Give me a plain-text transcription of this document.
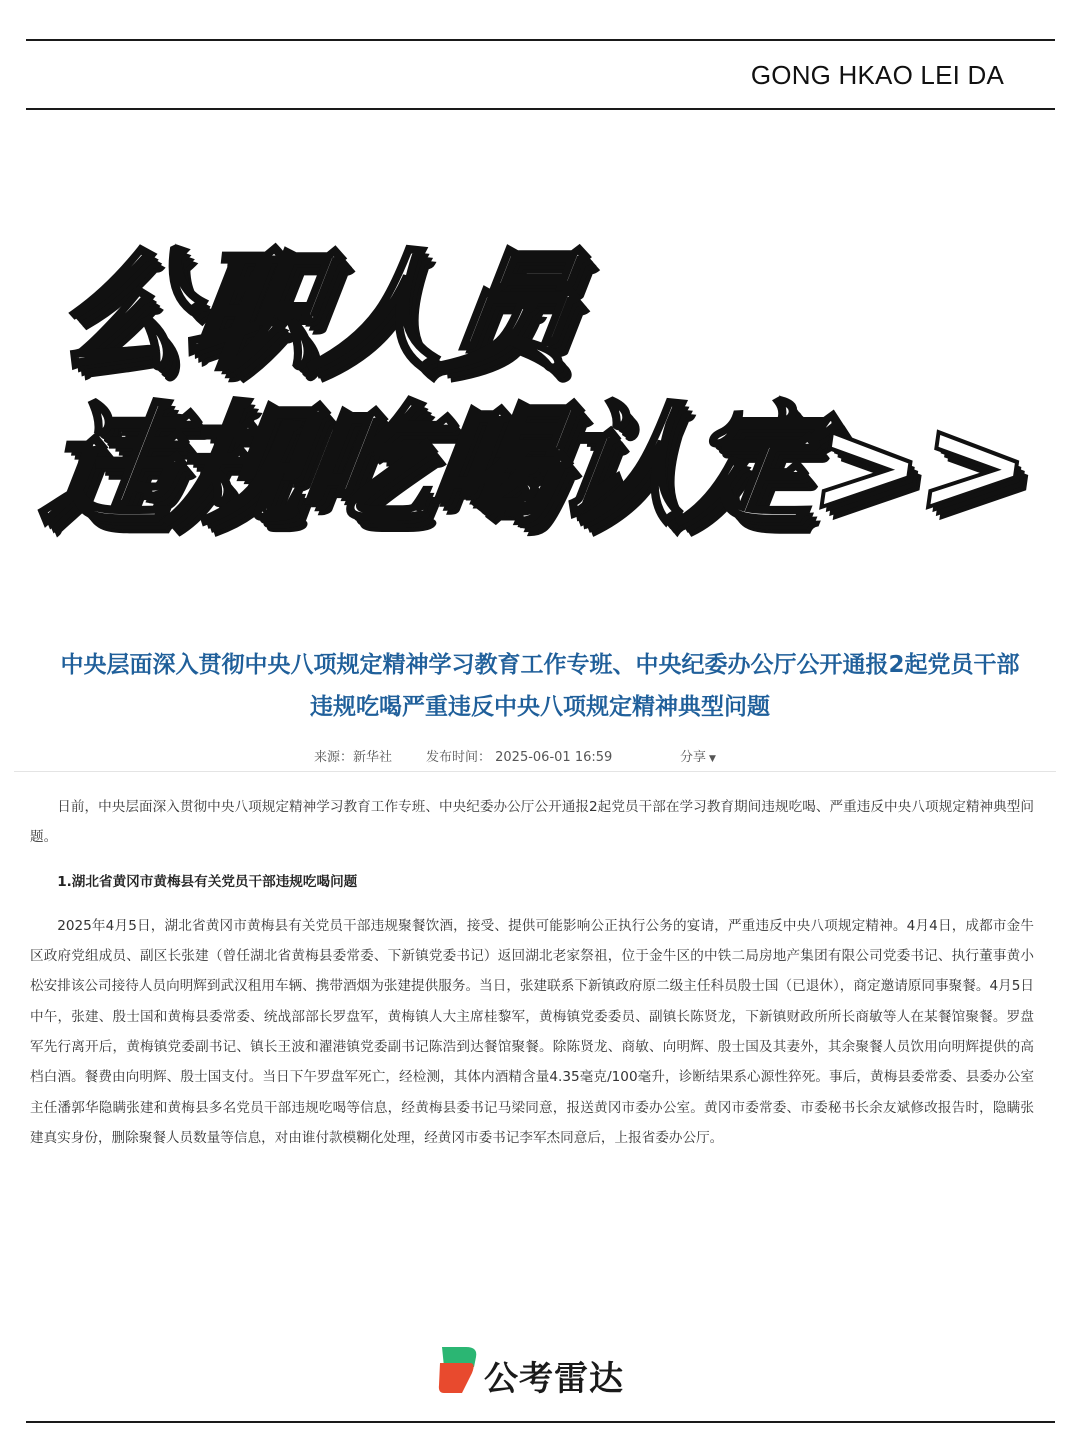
GONG HKAO LEI DA
公职人员
违规吃喝认定>>
中央层面深入贯彻中央八项规定精神学习教育工作专班、中央纪委办公厅公开通报2起党员干部
违规吃喝严重违反中央八项规定精神典型问题
来源：新华社	发布时间： 2025-06-01 16:59	分享 ▼

日前，中央层面深入贯彻中央八项规定精神学习教育工作专班、中央纪委办公厅公开通报2起党员干部在学习教育期间违规吃喝、严重违反中央八项规定精神典型问题。

1.湖北省黄冈市黄梅县有关党员干部违规吃喝问题

2025年4月5日，湖北省黄冈市黄梅县有关党员干部违规聚餐饮酒，接受、提供可能影响公正执行公务的宴请，严重违反中央八项规定精神。4月4日，成都市金牛区政府党组成员、副区长张建（曾任湖北省黄梅县委常委、下新镇党委书记）返回湖北老家祭祖，位于金牛区的中铁二局房地产集团有限公司党委书记、执行董事黄小松安排该公司接待人员向明辉到武汉租用车辆、携带酒烟为张建提供服务。当日，张建联系下新镇政府原二级主任科员殷士国（已退休），商定邀请原同事聚餐。4月5日中午，张建、殷士国和黄梅县委常委、统战部部长罗盘军，黄梅镇人大主席桂黎军，黄梅镇党委委员、副镇长陈贤龙，下新镇财政所所长商敏等人在某餐馆聚餐。罗盘军先行离开后，黄梅镇党委副书记、镇长王波和濯港镇党委副书记陈浩到达餐馆聚餐。除陈贤龙、商敏、向明辉、殷士国及其妻外，其余聚餐人员饮用向明辉提供的高档白酒。餐费由向明辉、殷士国支付。当日下午罗盘军死亡，经检测，其体内酒精含量4.35毫克/100毫升，诊断结果系心源性猝死。事后，黄梅县委常委、县委办公室主任潘郭华隐瞒张建和黄梅县多名党员干部违规吃喝等信息，经黄梅县委书记马梁同意，报送黄冈市委办公室。黄冈市委常委、市委秘书长余友斌修改报告时，隐瞒张建真实身份，删除聚餐人员数量等信息，对由谁付款模糊化处理，经黄冈市委书记李军杰同意后，上报省委办公厅。

公考雷达
